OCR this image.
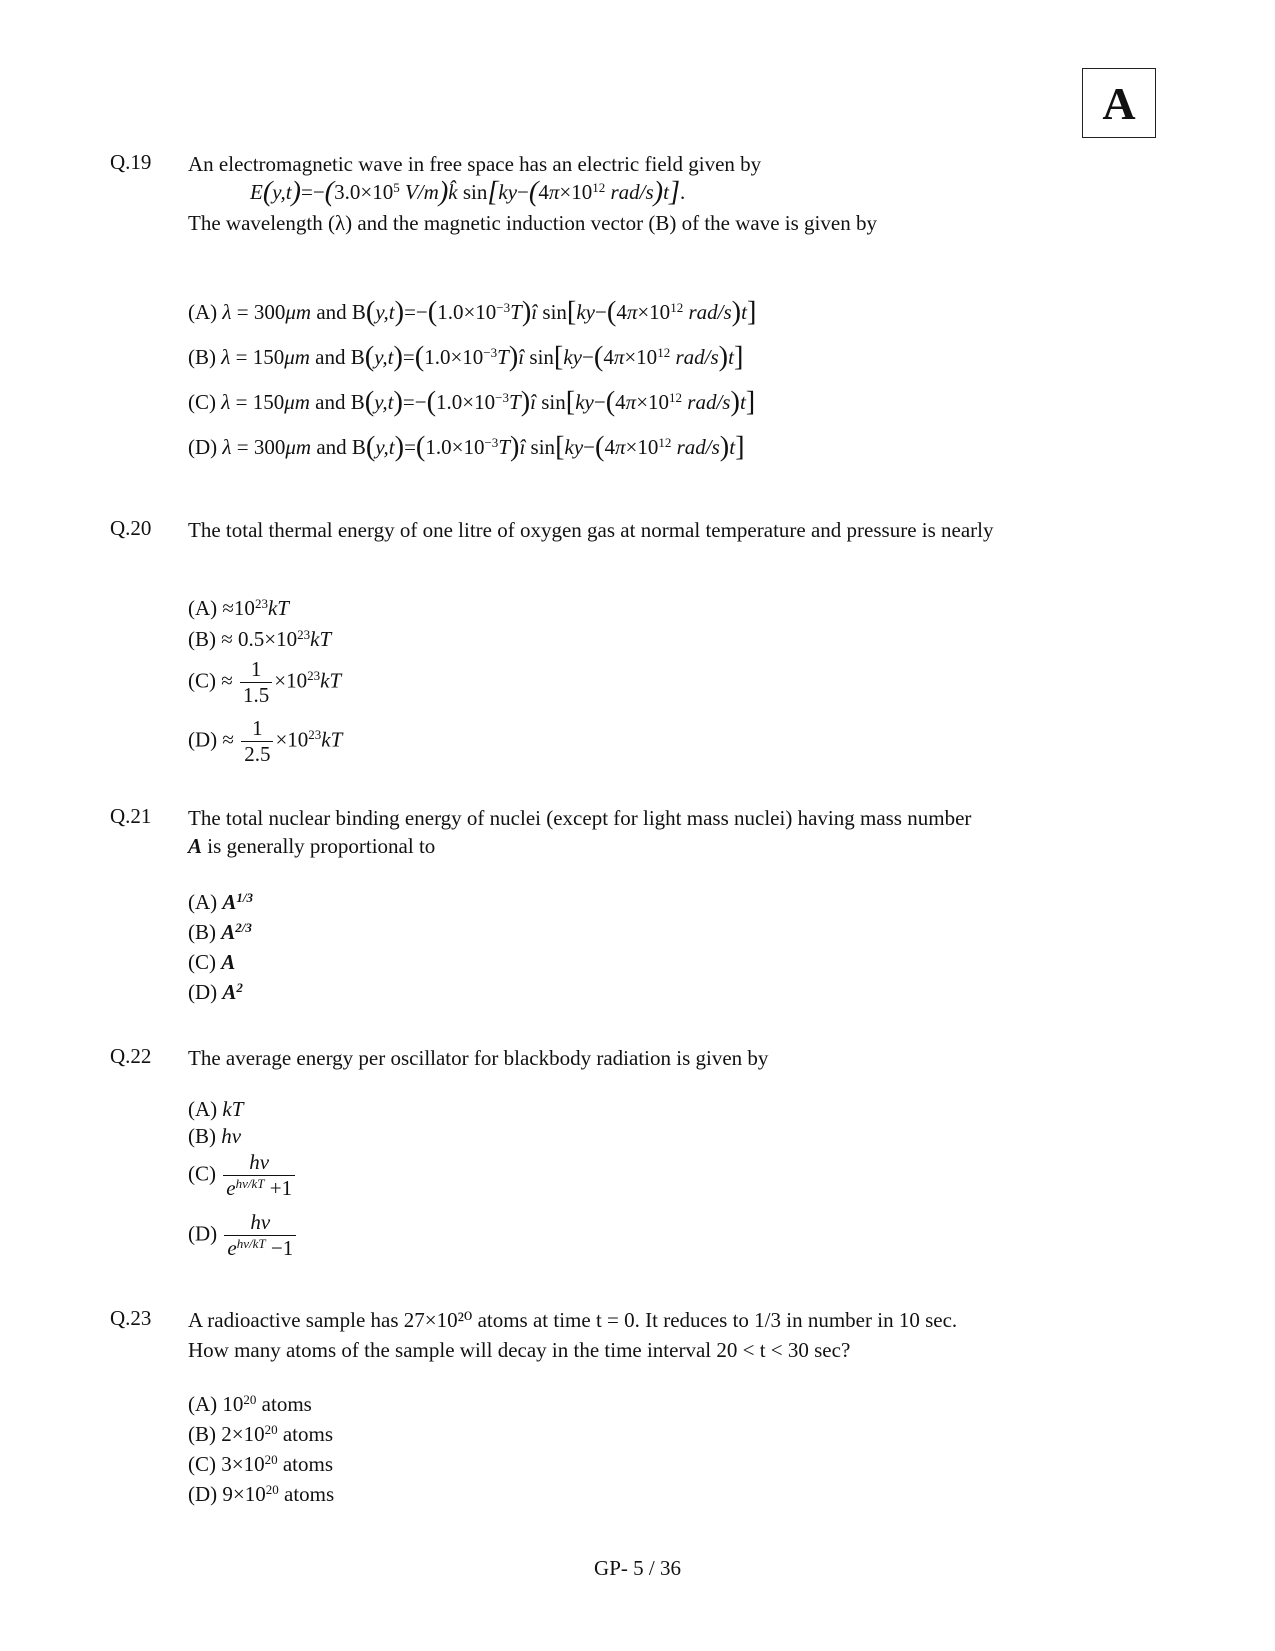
A
Q.19 An electromagnetic wave in free space has an electric field given by
$E(y,t)=-(3.0\times 10^5$ V/m)k̂ $\sin[ky-(4\pi\times 10^{12}$ rad/s)t].
The wavelength (λ) and the magnetic induction vector (B) of the wave is given by
(A) λ = 300μm and $B(y,t)=-(1.0\times 10^{-3}T)î$ $\sin[ky-(4\pi\times 10^{12}$ rad/s)t]
(B) λ = 150μm and $B(y,t)=(1.0\times 10^{-3}T)î$ $\sin[ky-(4\pi\times 10^{12}$ rad/s)t]
(C) λ = 150μm and $B(y,t)=-(1.0\times 10^{-3}T)î$ $\sin[ky-(4\pi\times 10^{12}$ rad/s)t]
(D) λ = 300μm and $B(y,t)=(1.0\times 10^{-3}T)î$ $\sin[ky-(4\pi\times 10^{12}$ rad/s)t]
Q.20 The total thermal energy of one litre of oxygen gas at normal temperature and pressure is nearly
$(A) \approx 10^{23}kT$
$(B) \approx 0.5\times 10^{23}kT$
$(C) \approx \frac{1}{1.5} \times 10^{23}kT$
$(D) \approx \frac{1}{2.5} \times 10^{23}kT$
Q.21 The total nuclear binding energy of nuclei (except for light mass nuclei) having mass number
A is generally proportional to
(A) $A^{1/3}$
(B) $A^{2/3}$
(C) A
(D) $A^2$
Q.22 The average energy per oscillator for blackbody radiation is given by
(A) kT
(B) hν
$(C) \frac{h\nu}{e^{h\nu/kT} +1}$
$(D) \frac{h\nu}{e^{h\nu/kT} -1}$
Q.23 A radioactive sample has 27×10²⁰ atoms at time t = 0. It reduces to 1/3 in number in 10 sec.
How many atoms of the sample will decay in the time interval 20 < t < 30 sec?
(A) $10^{20}$ atoms
(B) $2\times 10^{20}$ atoms
(C) $3\times 10^{20}$ atoms
(D) $9\times 10^{20}$ atoms
GP- 5 / 36
